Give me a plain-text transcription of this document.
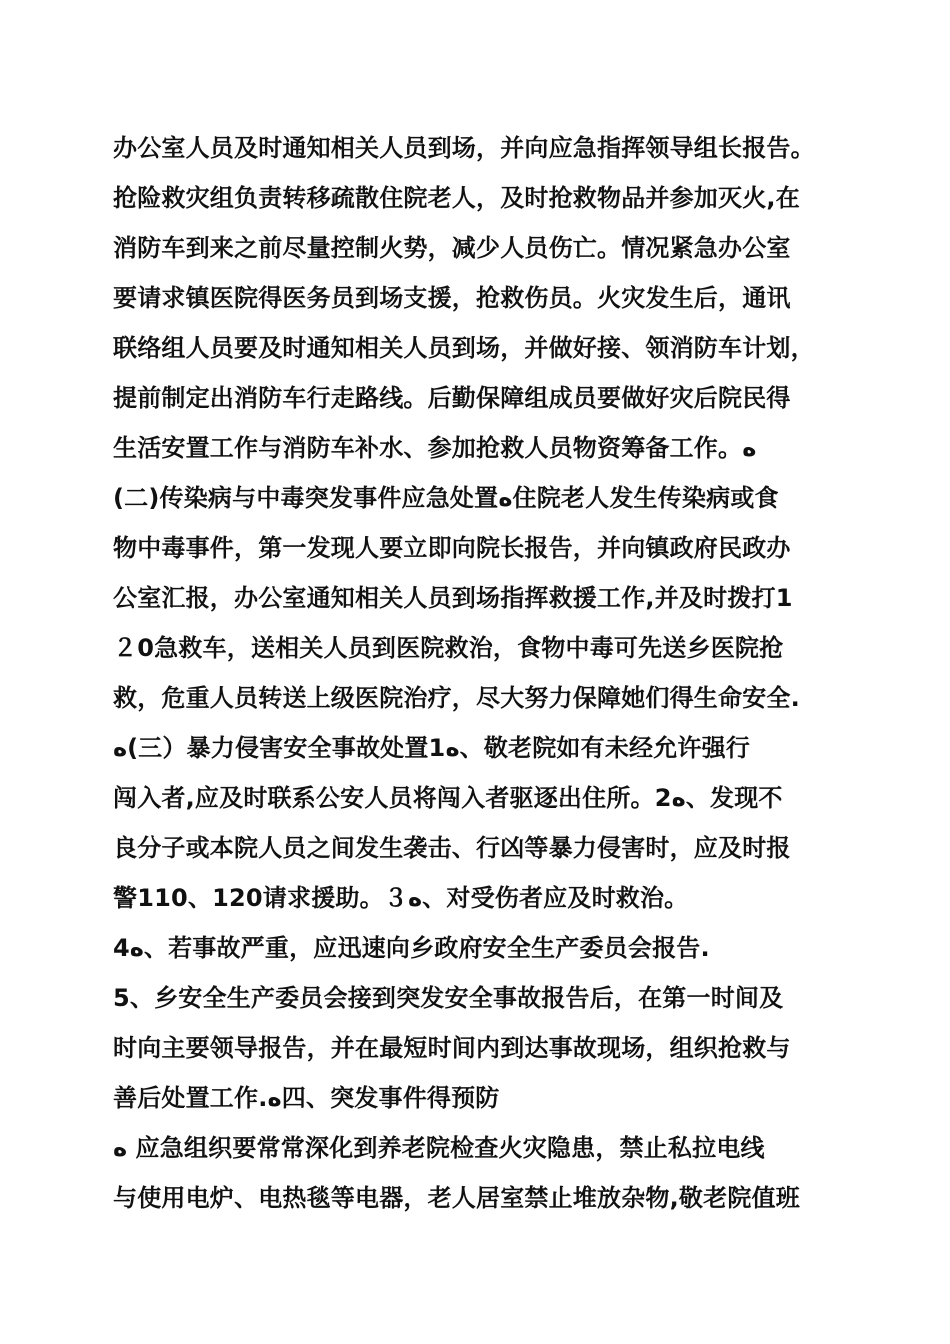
办公室人员及时通知相关人员到场，并向应急指挥领导组长报告。
抢险救灾组负责转移疏散住院老人，及时抢救物品并参加灭火,在
消防车到来之前尽量控制火势，减少人员伤亡。情况紧急办公室
要请求镇医院得医务员到场支援，抢救伤员。火灾发生后，通讯
联络组人员要及时通知相关人员到场，并做好接、领消防车计划，
提前制定出消防车行走路线。后勤保障组成员要做好灾后院民得
生活安置工作与消防车补水、参加抢救人员物资筹备工作。ﻩ
(二)传染病与中毒突发事件应急处置ﻩ住院老人发生传染病或食
物中毒事件，第一发现人要立即向院长报告，并向镇政府民政办
公室汇报，办公室通知相关人员到场指挥救援工作,并及时拨打1
２0急救车，送相关人员到医院救治，食物中毒可先送乡医院抢
救，危重人员转送上级医院治疗，尽大努力保障她们得生命安全.
ﻩ(三）暴力侵害安全事故处置1ﻩ、敬老院如有未经允许强行
闯入者,应及时联系公安人员将闯入者驱逐出住所。2ﻩ、发现不
良分子或本院人员之间发生袭击、行凶等暴力侵害时，应及时报
警110、120请求援助。３ﻩ、对受伤者应及时救治。
4ﻩ、若事故严重，应迅速向乡政府安全生产委员会报告.
5、乡安全生产委员会接到突发安全事故报告后，在第一时间及
时向主要领导报告，并在最短时间内到达事故现场，组织抢救与
善后处置工作.ﻩ四、突发事件得预防
ﻩ 应急组织要常常深化到养老院检查火灾隐患，禁止私拉电线
与使用电炉、电热毯等电器，老人居室禁止堆放杂物,敬老院值班
